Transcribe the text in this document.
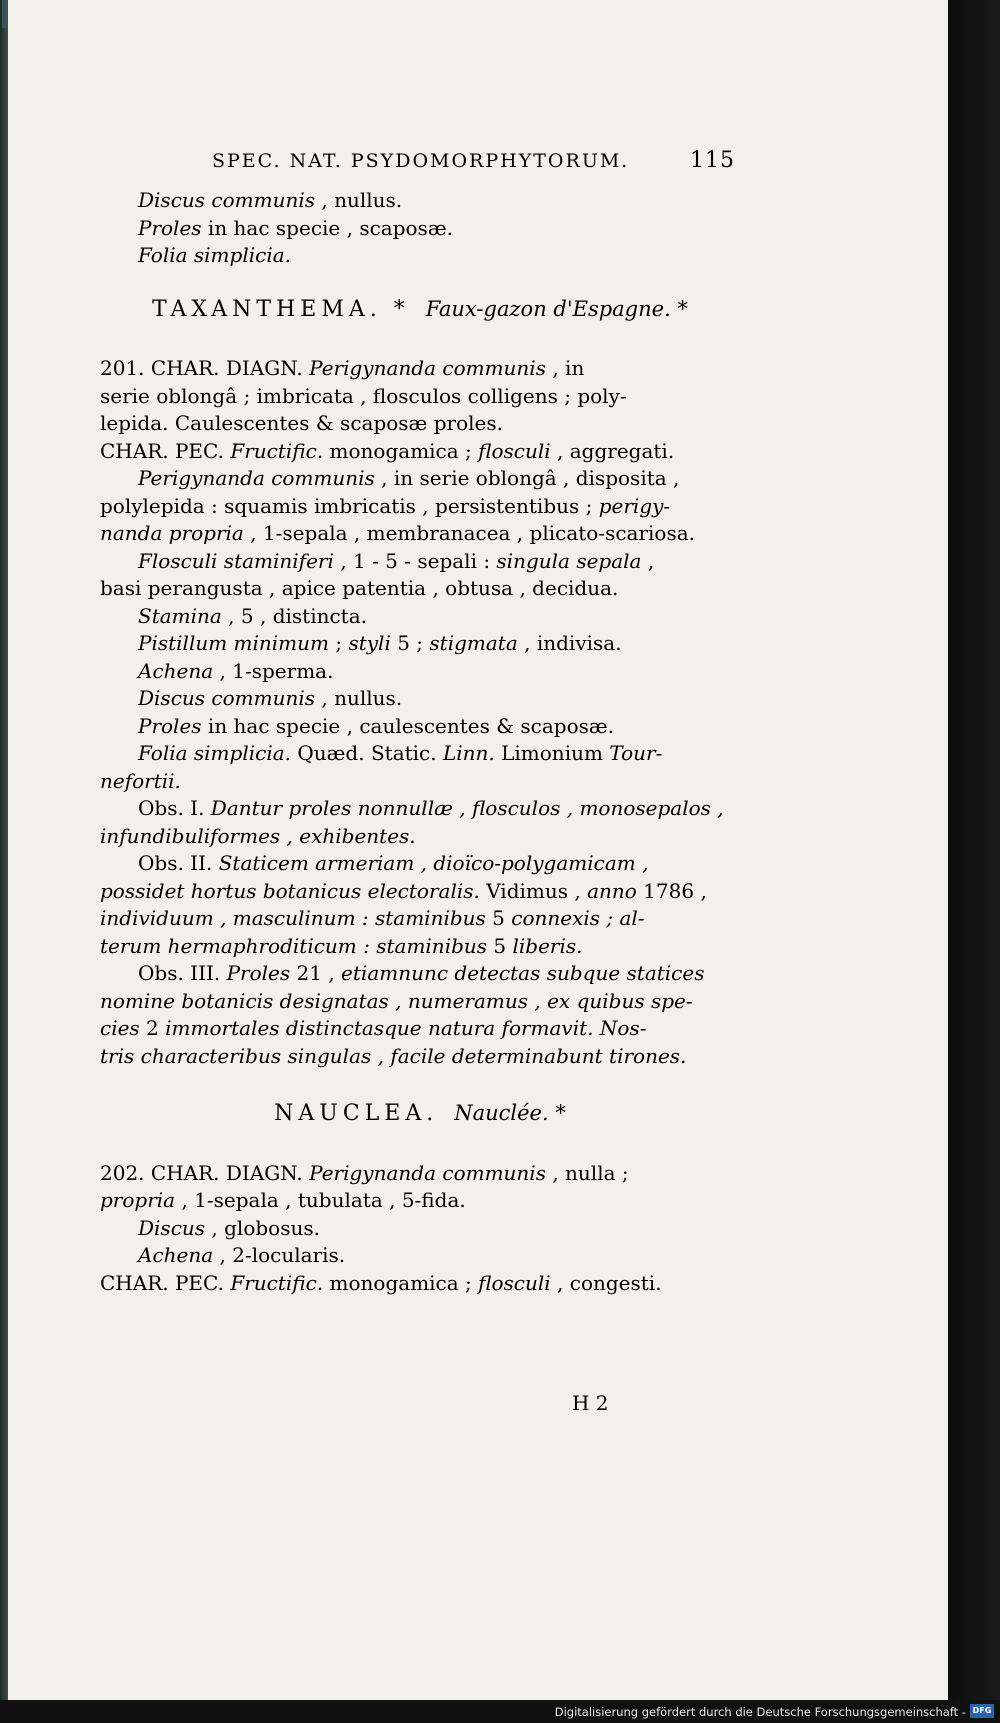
SPEC. NAT. PSYDOMORPHYTORUM.	115
Discus communis , nullus.
Proles in hac specie , scaposæ.
Folia simplicia.
TAXANTHEMA. * Faux-gazon d'Espagne. *
201. CHAR. DIAGN. Perigynanda communis , in
serie oblongâ ; imbricata , flosculos colligens ; poly-
lepida. Caulescentes & scaposæ proles.
CHAR. PEC. Fructific. monogamica ; flosculi , aggregati.
Perigynanda communis , in serie oblongâ , disposita ,
polylepida : squamis imbricatis , persistentibus ; perigy-
nanda propria , 1-sepala , membranacea , plicato-scariosa.
Flosculi staminiferi , 1 - 5 - sepali : singula sepala ,
basi perangusta , apice patentia , obtusa , decidua.
Stamina , 5 , distincta.
Pistillum minimum ; styli 5 ; stigmata , indivisa.
Achena , 1-sperma.
Discus communis , nullus.
Proles in hac specie , caulescentes & scaposæ.
Folia simplicia. Quæd. Static. Linn. Limonium Tour-
nefortii.
Obs. I. Dantur proles nonnullæ , flosculos , monosepalos ,
infundibuliformes , exhibentes.
Obs. II. Staticem armeriam , dioïco-polygamicam ,
possidet hortus botanicus electoralis. Vidimus , anno 1786 ,
individuum , masculinum : staminibus 5 connexis ; al-
terum hermaphroditicum : staminibus 5 liberis.
Obs. III. Proles 21 , etiamnunc detectas subque statices
nomine botanicis designatas , numeramus , ex quibus spe-
cies 2 immortales distinctasque natura formavit. Nos-
tris characteribus singulas , facile determinabunt tirones.
NAUCLEA. Nauclée. *
202. CHAR. DIAGN. Perigynanda communis , nulla ;
propria , 1-sepala , tubulata , 5-fida.
Discus , globosus.
Achena , 2-locularis.
CHAR. PEC. Fructific. monogamica ; flosculi , congesti.
H 2
Digitalisierung gefördert durch die Deutsche Forschungsgemeinschaft - DFG
